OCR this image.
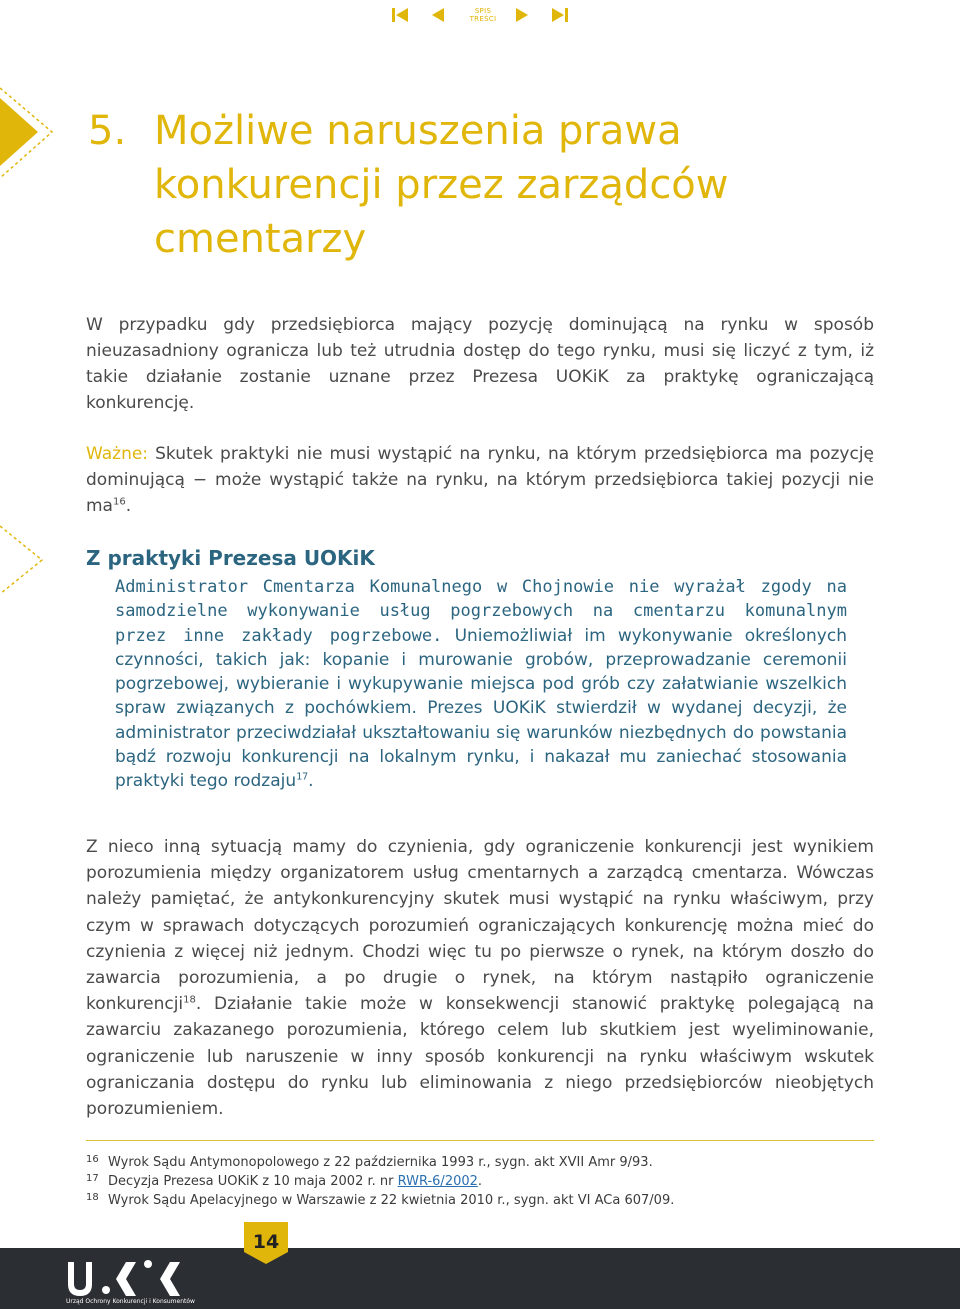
SPIS
TREŚCI
5. Możliwe naruszenia prawa konkurencji przez zarządców cmentarzy
W przypadku gdy przedsiębiorca mający pozycję dominującą na rynku w sposób nieuzasadniony ogranicza lub też utrudnia dostęp do tego rynku, musi się liczyć z tym, iż takie działanie zostanie uznane przez Prezesa UOKiK za praktykę ograniczającą konkurencję.
Ważne: Skutek praktyki nie musi wystąpić na rynku, na którym przedsiębiorca ma pozycję dominującą − może wystąpić także na rynku, na którym przedsiębiorca takiej pozycji nie $ma^{16}$.
Z praktyki Prezesa UOKiK
Administrator Cmentarza Komunalnego w Chojnowie nie wyrażał zgody na samodzielne wykonywanie usług pogrzebowych na cmentarzu komunalnym przez inne zakłady pogrzebowe. Uniemożliwiał im wykonywanie określonych czynności, takich jak: kopanie i murowanie grobów, przeprowadzanie ceremonii pogrzebowej, wybieranie i wykupywanie miejsca pod grób czy załatwianie wszelkich spraw związanych z pochówkiem. Prezes UOKiK stwierdził w wydanej decyzji, że administrator przeciwdziałał ukształtowaniu się warunków niezbędnych do powstania bądź rozwoju konkurencji na lokalnym rynku, i nakazał mu zaniechać stosowania praktyki tego rodzaju$^{17}$.
Z nieco inną sytuacją mamy do czynienia, gdy ograniczenie konkurencji jest wynikiem porozumienia między organizatorem usług cmentarnych a zarządcą cmentarza. Wówczas należy pamiętać, że antykonkurencyjny skutek musi wystąpić na rynku właściwym, przy czym w sprawach dotyczących porozumień ograniczających konkurencję można mieć do czynienia z więcej niż jednym. Chodzi więc tu po pierwsze o rynek, na którym doszło do zawarcia porozumienia, a po drugie o rynek, na którym nastąpiło ograniczenie konkurencji$^{18}$. Działanie takie może w konsekwencji stanowić praktykę polegającą na zawarciu zakazanego porozumienia, którego celem lub skutkiem jest wyeliminowanie, ograniczenie lub naruszenie w inny sposób konkurencji na rynku właściwym wskutek ograniczania dostępu do rynku lub eliminowania z niego przedsiębiorców nieobjętych porozumieniem.
16 Wyrok Sądu Antymonopolowego z 22 października 1993 r., sygn. akt XVII Amr 9/93.
17 Decyzja Prezesa UOKiK z 10 maja 2002 r. nr RWR-6/2002.
18 Wyrok Sądu Apelacyjnego w Warszawie z 22 kwietnia 2010 r., sygn. akt VI ACa 607/09.
14
Urząd Ochrony Konkurencji i Konsumentów
